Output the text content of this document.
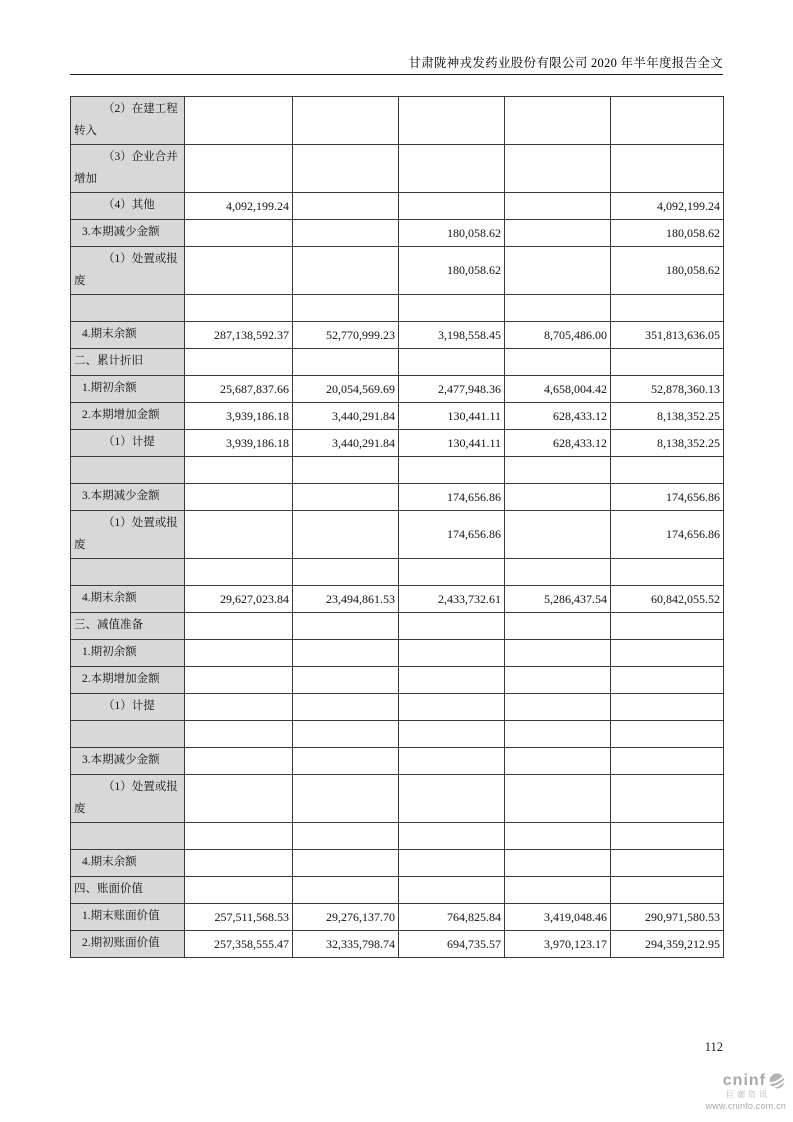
甘肃陇神戎发药业股份有限公司 2020 年半年度报告全文
（2）在建工程转入					
（3）企业合并增加					
（4）其他	4,092,199.24				4,092,199.24
3.本期减少金额			180,058.62		180,058.62
（1）处置或报废			180,058.62		180,058.62

4.期末余额	287,138,592.37	52,770,999.23	3,198,558.45	8,705,486.00	351,813,636.05
二、累计折旧					
1.期初余额	25,687,837.66	20,054,569.69	2,477,948.36	4,658,004.42	52,878,360.13
2.本期增加金额	3,939,186.18	3,440,291.84	130,441.11	628,433.12	8,138,352.25
（1）计提	3,939,186.18	3,440,291.84	130,441.11	628,433.12	8,138,352.25

3.本期减少金额			174,656.86		174,656.86
（1）处置或报废			174,656.86		174,656.86

4.期末余额	29,627,023.84	23,494,861.53	2,433,732.61	5,286,437.54	60,842,055.52
三、减值准备					
1.期初余额					
2.本期增加金额					
（1）计提					

3.本期减少金额					
（1）处置或报废					

4.期末余额					
四、账面价值					
1.期末账面价值	257,511,568.53	29,276,137.70	764,825.84	3,419,048.46	290,971,580.53
2.期初账面价值	257,358,555.47	32,335,798.74	694,735.57	3,970,123.17	294,359,212.95
112
cninf
巨潮资讯
www.cninfo.com.cn
